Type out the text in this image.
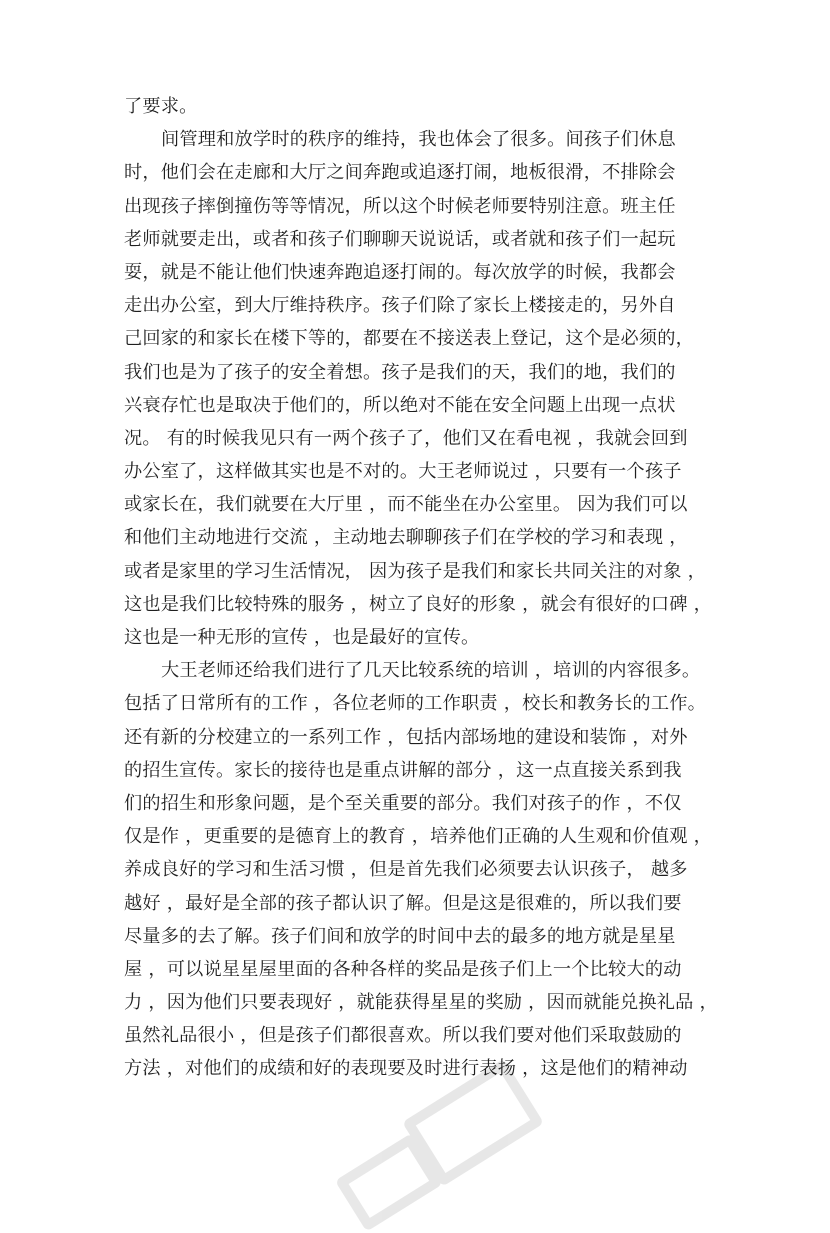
了要求。
间管理和放学时的秩序的维持，我也体会了很多。间孩子们休息
时，他们会在走廊和大厅之间奔跑或追逐打闹，地板很滑，不排除会
出现孩子摔倒撞伤等等情况，所以这个时候老师要特别注意。班主任
老师就要走出，或者和孩子们聊聊天说说话，或者就和孩子们一起玩
耍，就是不能让他们快速奔跑追逐打闹的。每次放学的时候，我都会
走出办公室，到大厅维持秩序。孩子们除了家长上楼接走的，另外自
己回家的和家长在楼下等的，都要在不接送表上登记，这个是必须的，
我们也是为了孩子的安全着想。孩子是我们的天，我们的地，我们的
兴衰存忙也是取决于他们的，所以绝对不能在安全问题上出现一点状
况。 有的时候我见只有一两个孩子了，他们又在看电视 ，我就会回到
办公室了，这样做其实也是不对的。大王老师说过 ，只要有一个孩子
或家长在，我们就要在大厅里 ，而不能坐在办公室里。 因为我们可以
和他们主动地进行交流 ，主动地去聊聊孩子们在学校的学习和表现 ，
或者是家里的学习生活情况， 因为孩子是我们和家长共同关注的对象 ，
这也是我们比较特殊的服务 ，树立了良好的形象 ，就会有很好的口碑 ，
这也是一种无形的宣传 ，也是最好的宣传。
大王老师还给我们进行了几天比较系统的培训 ，培训的内容很多。
包括了日常所有的工作 ，各位老师的工作职责 ，校长和教务长的工作。
还有新的分校建立的一系列工作 ，包括内部场地的建设和装饰 ，对外
的招生宣传。家长的接待也是重点讲解的部分 ，这一点直接关系到我
们的招生和形象问题，是个至关重要的部分。我们对孩子的作 ，不仅
仅是作 ，更重要的是德育上的教育 ，培养他们正确的人生观和价值观 ，
养成良好的学习和生活习惯 ，但是首先我们必须要去认识孩子， 越多
越好 ，最好是全部的孩子都认识了解。但是这是很难的，所以我们要
尽量多的去了解。孩子们间和放学的时间中去的最多的地方就是星星
屋 ，可以说星星屋里面的各种各样的奖品是孩子们上一个比较大的动
力 ，因为他们只要表现好 ，就能获得星星的奖励 ，因而就能兑换礼品 ，
虽然礼品很小 ，但是孩子们都很喜欢。所以我们要对他们采取鼓励的
方法 ，对他们的成绩和好的表现要及时进行表扬 ，这是他们的精神动
